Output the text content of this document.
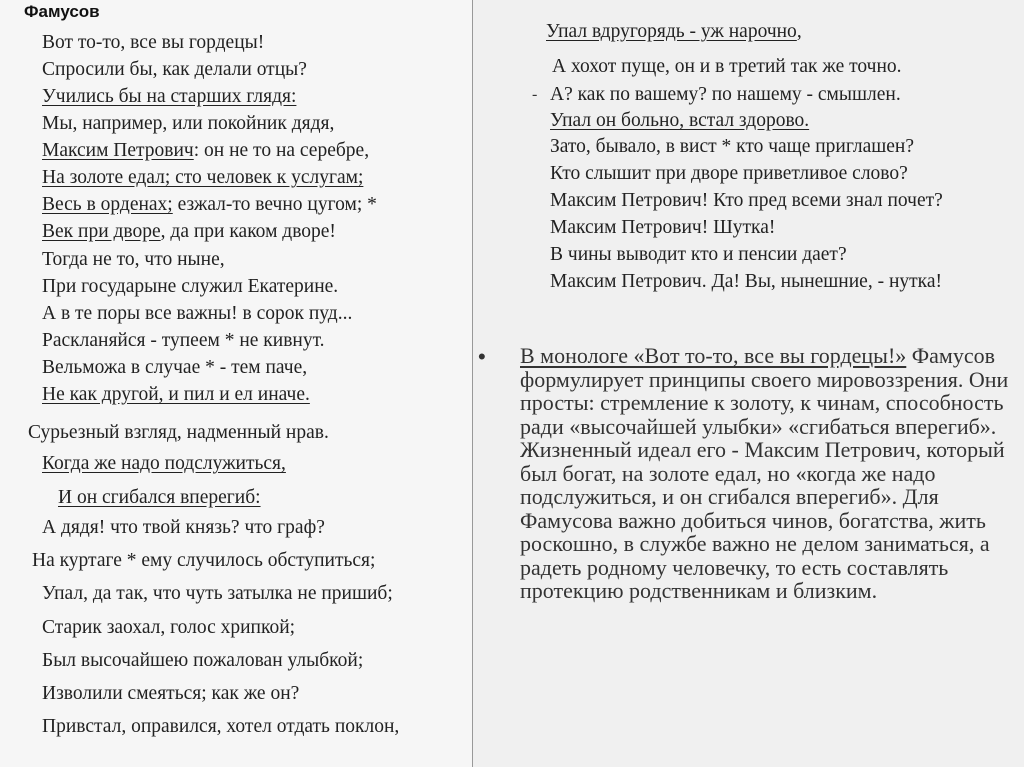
Фамусов
Вот то-то, все вы гордецы!
Спросили бы, как делали отцы?
Учились бы на старших глядя:
Мы, например, или покойник дядя,
Максим Петрович: он не то на серебре,
На золоте едал; сто человек к услугам;
Весь в орденах; езжал-то вечно цугом; *
Век при дворе, да при каком дворе!
Тогда не то, что ныне,
При государыне служил Екатерине.
А в те поры все важны! в сорок пуд...
Раскланяйся - тупеем * не кивнут.
Вельможа в случае * - тем паче,
Не как другой, и пил и ел иначе.
Сурьезный взгляд, надменный нрав.
Когда же надо подслужиться,
И он сгибался вперегиб:
А дядя! что твой князь? что граф?
На куртаге * ему случилось обступиться;
Упал, да так, что чуть затылка не пришиб;
Старик заохал, голос хрипкой;
Был высочайшею пожалован улыбкой;
Изволили смеяться; как же он?
Привстал, оправился, хотел отдать поклон,
Упал вдругорядь - уж нарочно,
А хохот пуще, он и в третий так же точно.
А? как по вашему? по нашему - смышлен.
Упал он больно, встал здорово.
Зато, бывало, в вист * кто чаще приглашен?
Кто слышит при дворе приветливое слово?
Максим Петрович! Кто пред всеми знал почет?
Максим Петрович! Шутка!
В чины выводит кто и пенсии дает?
Максим Петрович. Да! Вы, нынешние, - нутка!
-
• В монологе «Вот то-то, все вы гордецы!» Фамусов формулирует принципы своего мировоззрения. Они просты: стремление к золоту, к чинам, способность ради «высочайшей улыбки» «сгибаться вперегиб». Жизненный идеал его - Максим Петрович, который был богат, на золоте едал, но «когда же надо подслужиться, и он сгибался вперегиб». Для Фамусова важно добиться чинов, богатства, жить роскошно, в службе важно не делом заниматься, а радеть родному человечку, то есть составлять протекцию родственникам и близким.
